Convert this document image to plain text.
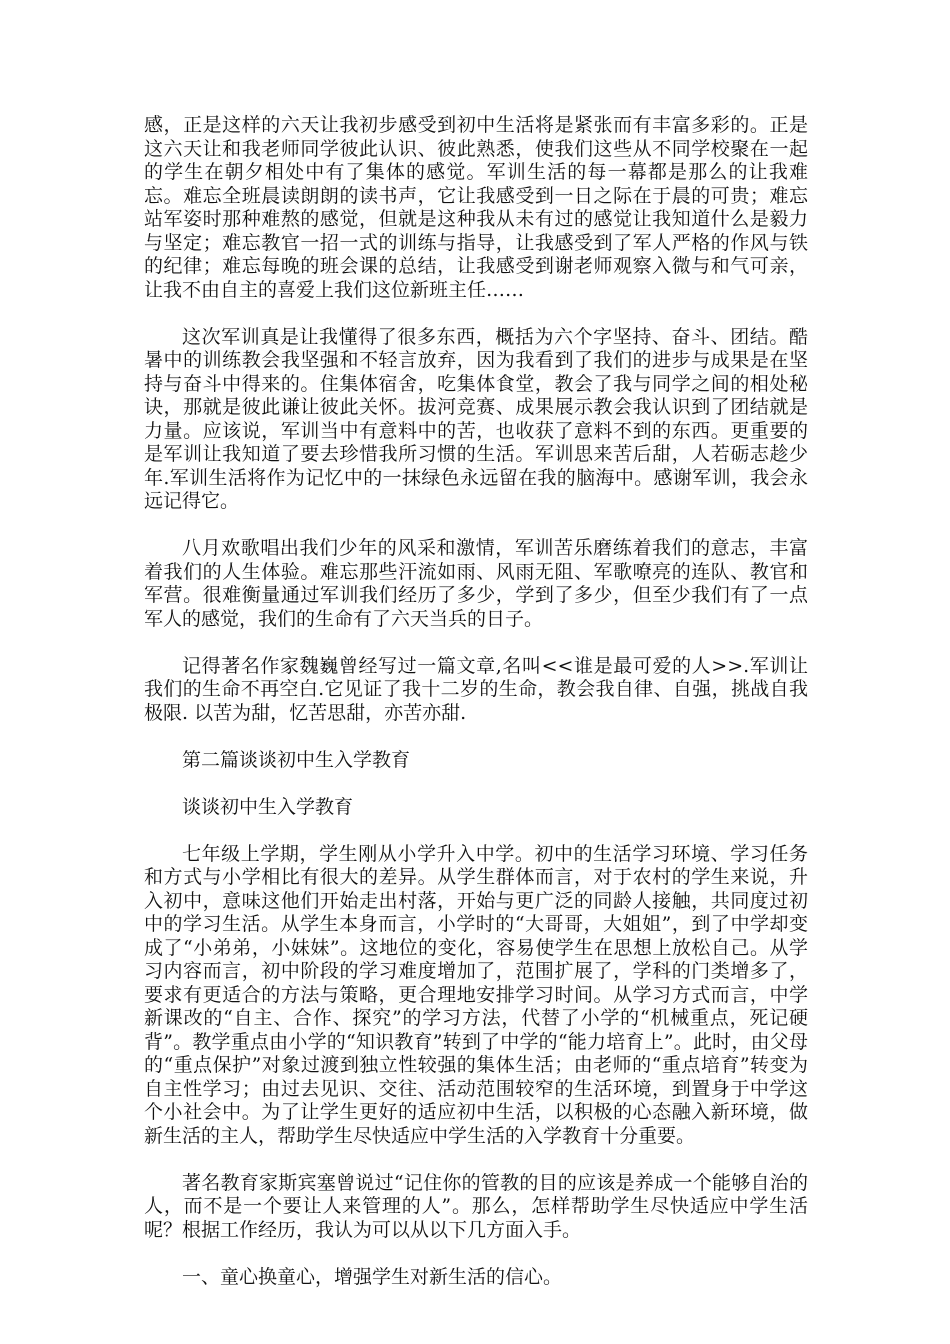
感，正是这样的六天让我初步感受到初中生活将是紧张而有丰富多彩的。正是这六天让和我老师同学彼此认识、彼此熟悉，使我们这些从不同学校聚在一起的学生在朝夕相处中有了集体的感觉。军训生活的每一幕都是那么的让我难忘。难忘全班晨读朗朗的读书声，它让我感受到一日之际在于晨的可贵；难忘站军姿时那种难熬的感觉，但就是这种我从未有过的感觉让我知道什么是毅力与坚定；难忘教官一招一式的训练与指导，让我感受到了军人严格的作风与铁的纪律；难忘每晚的班会课的总结，让我感受到谢老师观察入微与和气可亲，让我不由自主的喜爱上我们这位新班主任……

这次军训真是让我懂得了很多东西，概括为六个字坚持、奋斗、团结。酷暑中的训练教会我坚强和不轻言放弃，因为我看到了我们的进步与成果是在坚持与奋斗中得来的。住集体宿舍，吃集体食堂，教会了我与同学之间的相处秘诀，那就是彼此谦让彼此关怀。拔河竞赛、成果展示教会我认识到了团结就是力量。应该说，军训当中有意料中的苦，也收获了意料不到的东西。更重要的是军训让我知道了要去珍惜我所习惯的生活。军训思来苦后甜，人若砺志趁少年.军训生活将作为记忆中的一抹绿色永远留在我的脑海中。感谢军训，我会永远记得它。

八月欢歌唱出我们少年的风采和激情，军训苦乐磨练着我们的意志，丰富着我们的人生体验。难忘那些汗流如雨、风雨无阻、军歌嘹亮的连队、教官和军营。很难衡量通过军训我们经历了多少，学到了多少，但至少我们有了一点军人的感觉，我们的生命有了六天当兵的日子。

记得著名作家魏巍曾经写过一篇文章,名叫<<谁是最可爱的人>>.军训让我们的生命不再空白.它见证了我十二岁的生命，教会我自律、自强，挑战自我极限. 以苦为甜，忆苦思甜，亦苦亦甜.

第二篇谈谈初中生入学教育

谈谈初中生入学教育

七年级上学期，学生刚从小学升入中学。初中的生活学习环境、学习任务和方式与小学相比有很大的差异。从学生群体而言，对于农村的学生来说，升入初中，意味这他们开始走出村落，开始与更广泛的同龄人接触，共同度过初中的学习生活。从学生本身而言，小学时的“大哥哥，大姐姐”，到了中学却变成了“小弟弟，小妹妹”。这地位的变化，容易使学生在思想上放松自己。从学习内容而言，初中阶段的学习难度增加了，范围扩展了，学科的门类增多了，要求有更适合的方法与策略，更合理地安排学习时间。从学习方式而言，中学新课改的“自主、合作、探究”的学习方法，代替了小学的“机械重点，死记硬背”。教学重点由小学的“知识教育”转到了中学的“能力培育上”。此时，由父母的“重点保护”对象过渡到独立性较强的集体生活；由老师的“重点培育”转变为自主性学习；由过去见识、交往、活动范围较窄的生活环境，到置身于中学这个小社会中。为了让学生更好的适应初中生活，以积极的心态融入新环境，做新生活的主人，帮助学生尽快适应中学生活的入学教育十分重要。

著名教育家斯宾塞曾说过“记住你的管教的目的应该是养成一个能够自治的人，而不是一个要让人来管理的人”。那么，怎样帮助学生尽快适应中学生活呢？根据工作经历，我认为可以从以下几方面入手。

一、童心换童心，增强学生对新生活的信心。
